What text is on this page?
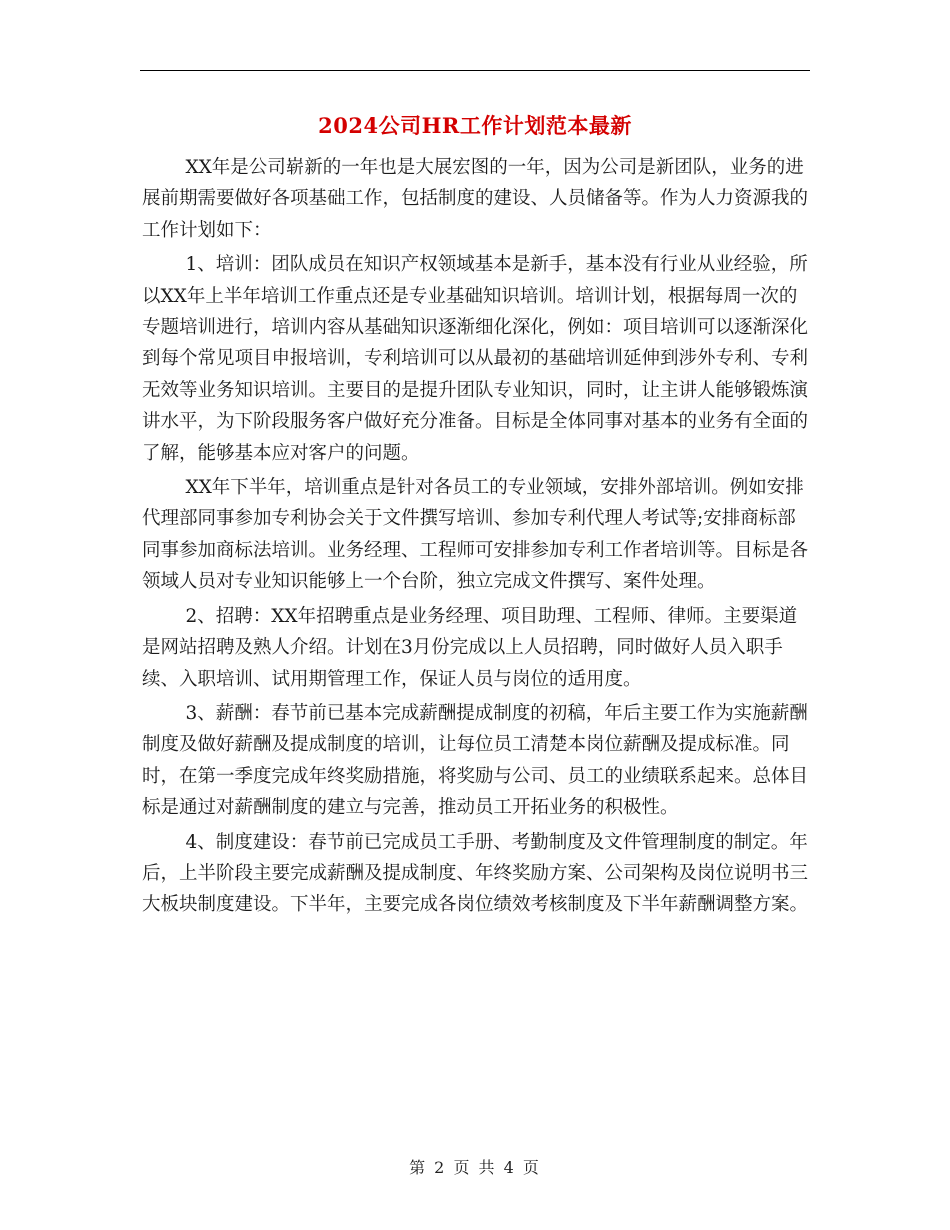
2024公司HR工作计划范本最新

XX年是公司崭新的一年也是大展宏图的一年，因为公司是新团队，业务的进展前期需要做好各项基础工作，包括制度的建设、人员储备等。作为人力资源我的工作计划如下：

1、培训：团队成员在知识产权领域基本是新手，基本没有行业从业经验，所以XX年上半年培训工作重点还是专业基础知识培训。培训计划，根据每周一次的专题培训进行，培训内容从基础知识逐渐细化深化，例如：项目培训可以逐渐深化到每个常见项目申报培训，专利培训可以从最初的基础培训延伸到涉外专利、专利无效等业务知识培训。主要目的是提升团队专业知识，同时，让主讲人能够锻炼演讲水平，为下阶段服务客户做好充分准备。目标是全体同事对基本的业务有全面的了解，能够基本应对客户的问题。

XX年下半年，培训重点是针对各员工的专业领域，安排外部培训。例如安排代理部同事参加专利协会关于文件撰写培训、参加专利代理人考试等;安排商标部同事参加商标法培训。业务经理、工程师可安排参加专利工作者培训等。目标是各领域人员对专业知识能够上一个台阶，独立完成文件撰写、案件处理。

2、招聘：XX年招聘重点是业务经理、项目助理、工程师、律师。主要渠道是网站招聘及熟人介绍。计划在3月份完成以上人员招聘，同时做好人员入职手续、入职培训、试用期管理工作，保证人员与岗位的适用度。

3、薪酬：春节前已基本完成薪酬提成制度的初稿，年后主要工作为实施薪酬制度及做好薪酬及提成制度的培训，让每位员工清楚本岗位薪酬及提成标准。同时，在第一季度完成年终奖励措施，将奖励与公司、员工的业绩联系起来。总体目标是通过对薪酬制度的建立与完善，推动员工开拓业务的积极性。

4、制度建设：春节前已完成员工手册、考勤制度及文件管理制度的制定。年后，上半阶段主要完成薪酬及提成制度、年终奖励方案、公司架构及岗位说明书三大板块制度建设。下半年，主要完成各岗位绩效考核制度及下半年薪酬调整方案。

第 2 页 共 4 页
